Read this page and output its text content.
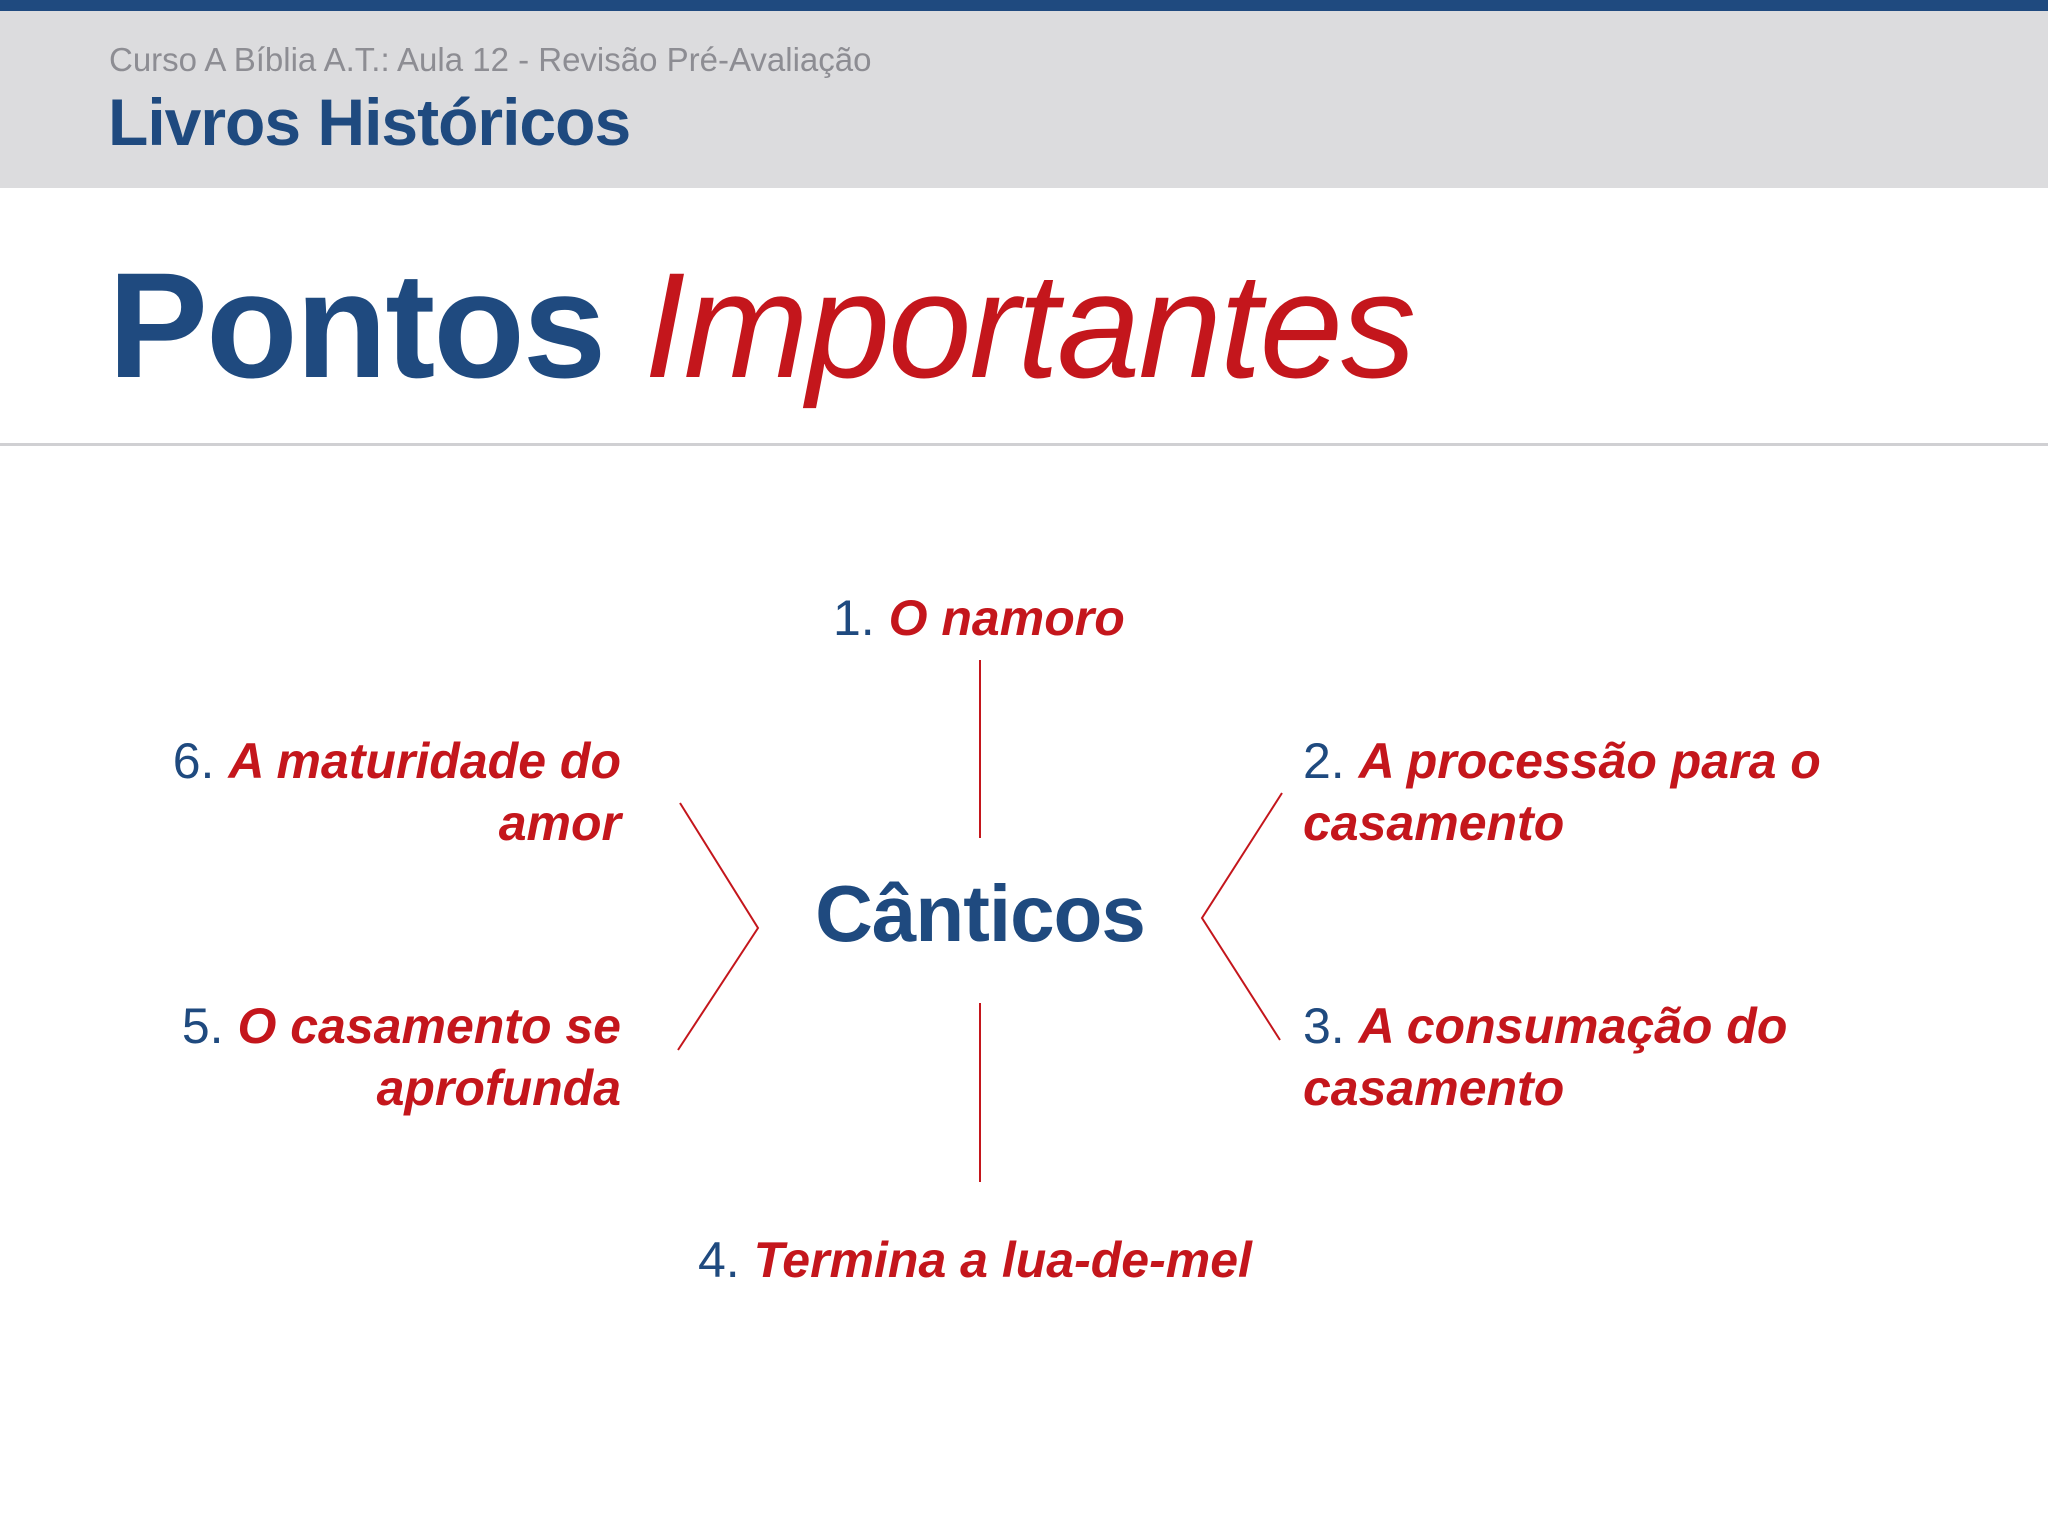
Curso A Bíblia A.T.: Aula 12 - Revisão Pré-Avaliação
Livros Históricos
Pontos Importantes
Cânticos
1. O namoro
2. A processão para o
casamento
3. A consumação do
casamento
4. Termina a lua-de-mel
5. O casamento se
aprofunda
6. A maturidade do
amor
